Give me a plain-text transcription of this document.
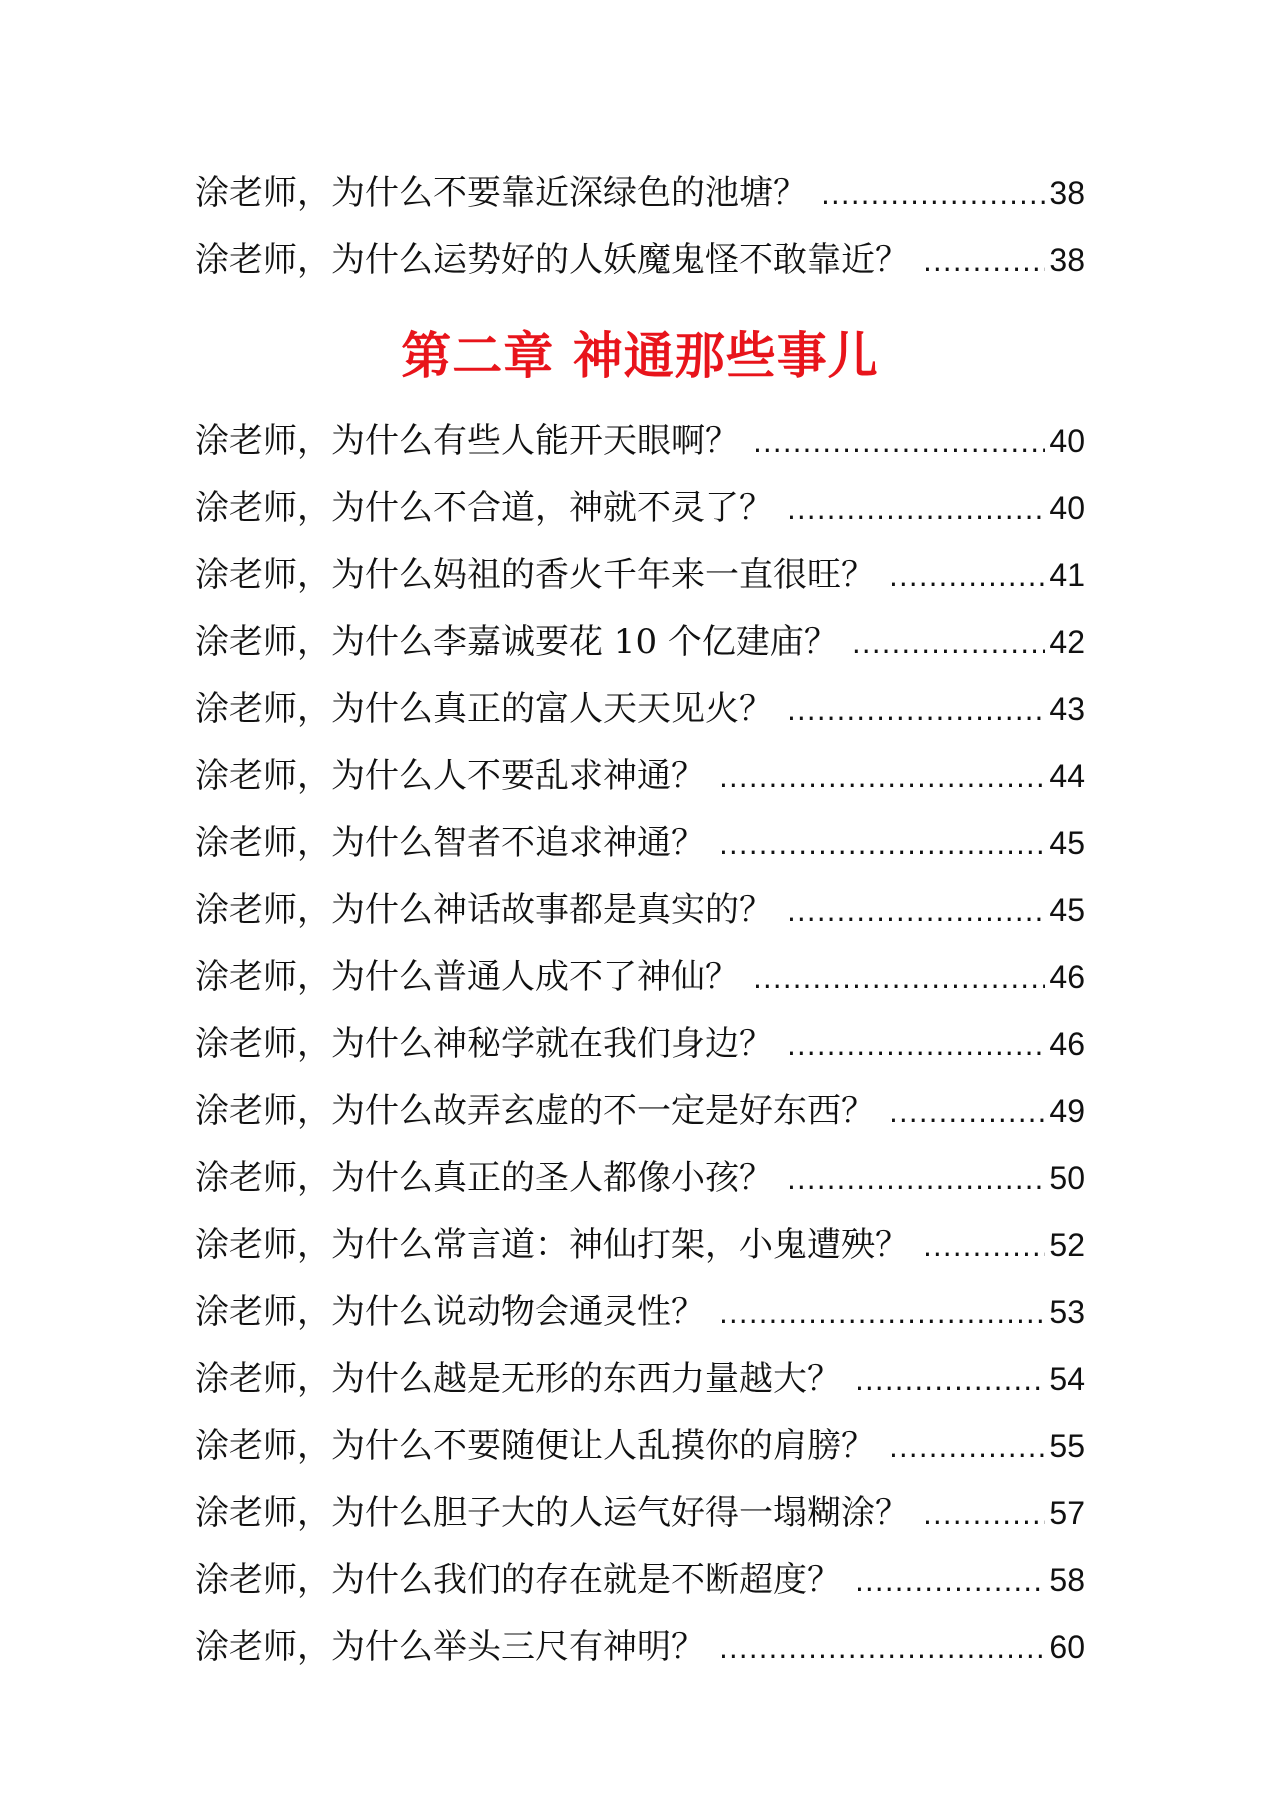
涂老师，为什么不要靠近深绿色的池塘？ .....	38
涂老师，为什么运势好的人妖魔鬼怪不敢靠近？ .....	38
第二章 神通那些事儿
涂老师，为什么有些人能开天眼啊？ .....	40
涂老师，为什么不合道，神就不灵了？ .....	40
涂老师，为什么妈祖的香火千年来一直很旺？ .....	41
涂老师，为什么李嘉诚要花 10 个亿建庙？ .....	42
涂老师，为什么真正的富人天天见火？ .....	43
涂老师，为什么人不要乱求神通？ .....	44
涂老师，为什么智者不追求神通？ .....	45
涂老师，为什么神话故事都是真实的？ .....	45
涂老师，为什么普通人成不了神仙？ .....	46
涂老师，为什么神秘学就在我们身边？ .....	46
涂老师，为什么故弄玄虚的不一定是好东西？ .....	49
涂老师，为什么真正的圣人都像小孩？ .....	50
涂老师，为什么常言道：神仙打架，小鬼遭殃？ .....	52
涂老师，为什么说动物会通灵性？ .....	53
涂老师，为什么越是无形的东西力量越大？ .....	54
涂老师，为什么不要随便让人乱摸你的肩膀？ .....	55
涂老师，为什么胆子大的人运气好得一塌糊涂？ .....	57
涂老师，为什么我们的存在就是不断超度？ .....	58
涂老师，为什么举头三尺有神明？ .....	60
